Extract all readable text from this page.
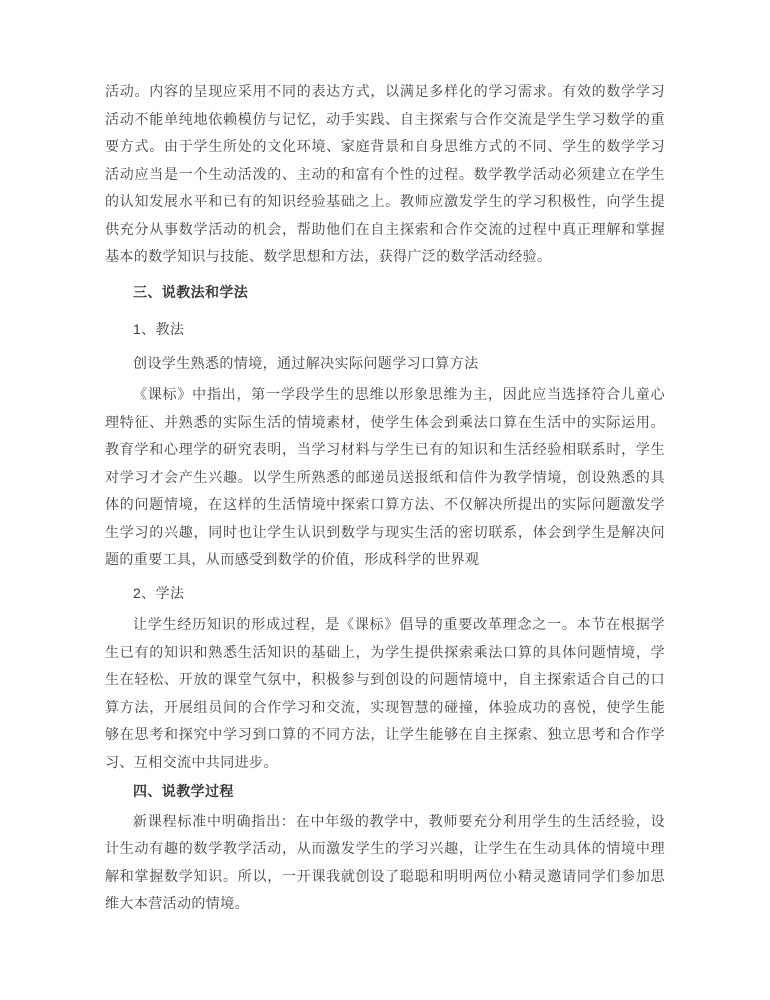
活动。内容的呈现应采用不同的表达方式，以满足多样化的学习需求。有效的数学学习活动不能单纯地依赖模仿与记忆，动手实践、自主探索与合作交流是学生学习数学的重要方式。由于学生所处的文化环境、家庭背景和自身思维方式的不同、学生的数学学习活动应当是一个生动活泼的、主动的和富有个性的过程。数学教学活动必须建立在学生的认知发展水平和已有的知识经验基础之上。教师应激发学生的学习积极性，向学生提供充分从事数学活动的机会，帮助他们在自主探索和合作交流的过程中真正理解和掌握基本的数学知识与技能、数学思想和方法，获得广泛的数学活动经验。

三、说教法和学法

1、教法

创设学生熟悉的情境，通过解决实际问题学习口算方法

《课标》中指出，第一学段学生的思维以形象思维为主，因此应当选择符合儿童心理特征、并熟悉的实际生活的情境素材，使学生体会到乘法口算在生活中的实际运用。教育学和心理学的研究表明，当学习材料与学生已有的知识和生活经验相联系时，学生对学习才会产生兴趣。以学生所熟悉的邮递员送报纸和信件为教学情境，创设熟悉的具体的问题情境，在这样的生活情境中探索口算方法、不仅解决所提出的实际问题激发学生学习的兴趣，同时也让学生认识到数学与现实生活的密切联系，体会到学生是解决问题的重要工具，从而感受到数学的价值，形成科学的世界观

2、学法

让学生经历知识的形成过程，是《课标》倡导的重要改革理念之一。本节在根据学生已有的知识和熟悉生活知识的基础上，为学生提供探索乘法口算的具体问题情境，学生在轻松、开放的课堂气氛中，积极参与到创设的问题情境中，自主探索适合自己的口算方法，开展组员间的合作学习和交流，实现智慧的碰撞，体验成功的喜悦，使学生能够在思考和探究中学习到口算的不同方法，让学生能够在自主探索、独立思考和合作学习、互相交流中共同进步。

四、说教学过程

新课程标准中明确指出：在中年级的教学中，教师要充分利用学生的生活经验，设计生动有趣的数学教学活动，从而激发学生的学习兴趣，让学生在生动具体的情境中理解和掌握数学知识。所以，一开课我就创设了聪聪和明明两位小精灵邀请同学们参加思维大本营活动的情境。
